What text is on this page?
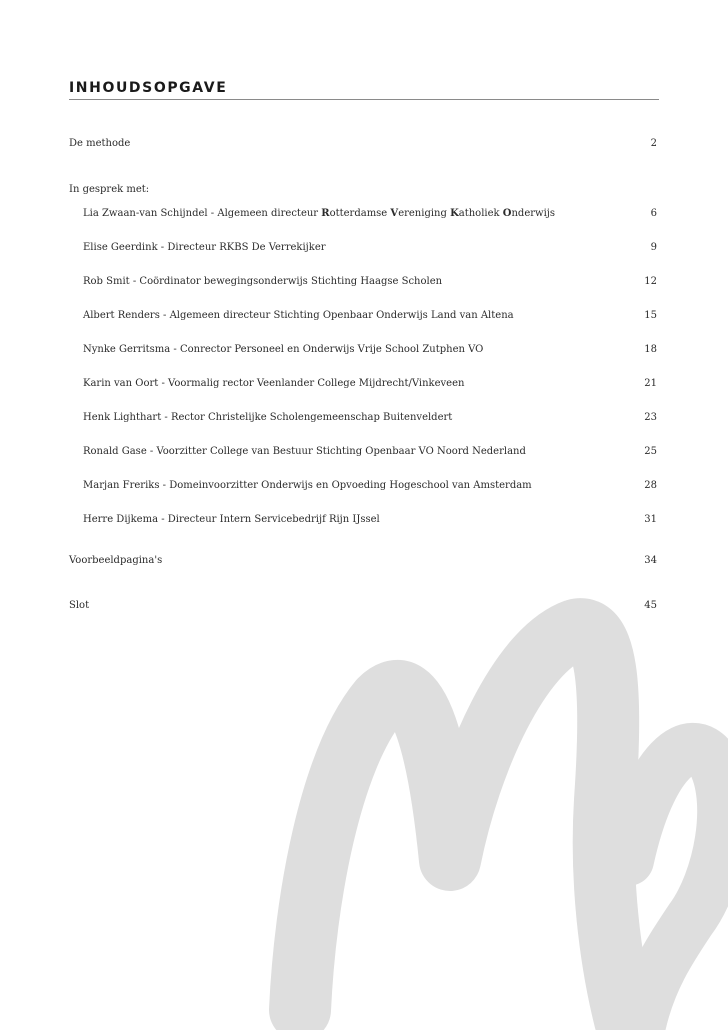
INHOUDSOPGAVE
De methode	2
In gesprek met:
Lia Zwaan-van Schijndel - Algemeen directeur Rotterdamse Vereniging Katholiek Onderwijs	6
Elise Geerdink - Directeur RKBS De Verrekijker	9
Rob Smit - Coördinator bewegingsonderwijs Stichting Haagse Scholen	12
Albert Renders - Algemeen directeur Stichting Openbaar Onderwijs Land van Altena	15
Nynke Gerritsma - Conrector Personeel en Onderwijs Vrije School Zutphen VO	18
Karin van Oort - Voormalig rector Veenlander College Mijdrecht/Vinkeveen	21
Henk Lighthart - Rector Christelijke Scholengemeenschap Buitenveldert	23
Ronald Gase - Voorzitter College van Bestuur Stichting Openbaar VO Noord Nederland	25
Marjan Freriks - Domeinvoorzitter Onderwijs en Opvoeding Hogeschool van Amsterdam	28
Herre Dijkema - Directeur Intern Servicebedrijf Rijn IJssel	31
Voorbeeldpagina's	34
Slot	45
